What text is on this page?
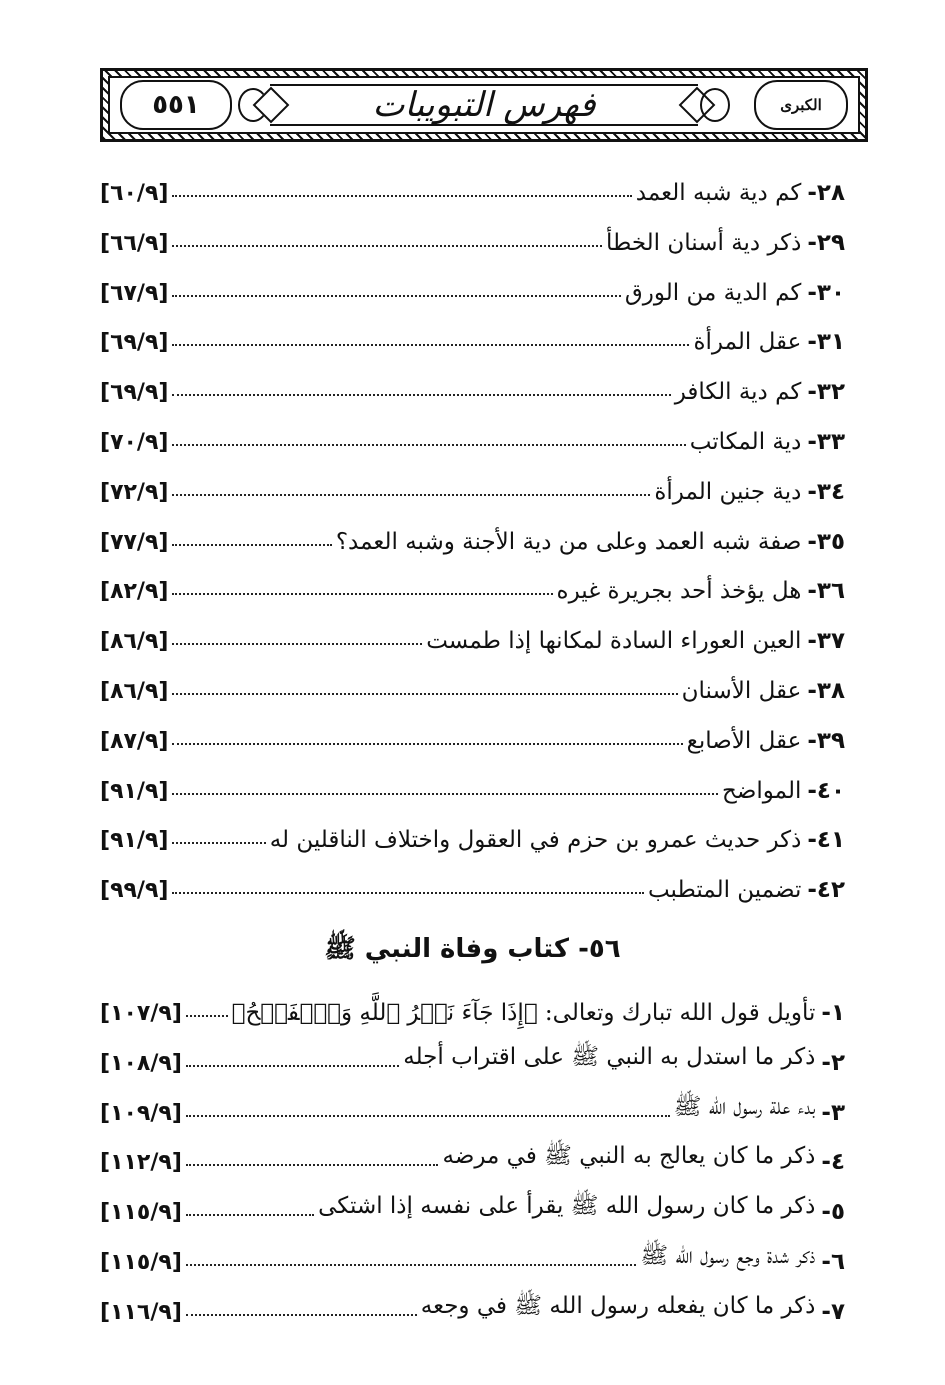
٥٥١	فهرس التبويبات	الكبرى
٢٨-
كم دية شبه العمد
[٦٠/٩]
٢٩-
ذكر دية أسنان الخطأ
[٦٦/٩]
٣٠-
كم الدية من الورق
[٦٧/٩]
٣١-
عقل المرأة
[٦٩/٩]
٣٢-
كم دية الكافر
[٦٩/٩]
٣٣-
دية المكاتب
[٧٠/٩]
٣٤-
دية جنين المرأة
[٧٢/٩]
٣٥-
صفة شبه العمد وعلى من دية الأجنة وشبه العمد؟
[٧٧/٩]
٣٦-
هل يؤخذ أحد بجريرة غيره
[٨٢/٩]
٣٧-
العين العوراء السادة لمكانها إذا طمست
[٨٦/٩]
٣٨-
عقل الأسنان
[٨٦/٩]
٣٩-
عقل الأصابع
[٨٧/٩]
٤٠-
المواضح
[٩١/٩]
٤١-
ذكر حديث عمرو بن حزم في العقول واختلاف الناقلين له
[٩١/٩]
٤٢-
تضمين المتطبب
[٩٩/٩]
٥٦- كتاب وفاة النبي ﷺ
١-
تأويل قول الله تبارك وتعالى: ﴿إِذَا جَآءَ نَصۡرُ ٱللَّهِ وَٱلۡفَتۡحُ﴾
[١٠٧/٩]
٢-
ذكر ما استدل به النبي ﷺ على اقتراب أجله
[١٠٨/٩]
٣-
بدء علة رسول الله ﷺ
[١٠٩/٩]
٤-
ذكر ما كان يعالج به النبي ﷺ في مرضه
[١١٢/٩]
٥-
ذكر ما كان رسول الله ﷺ يقرأ على نفسه إذا اشتكى
[١١٥/٩]
٦-
ذكر شدة وجع رسول الله ﷺ
[١١٥/٩]
٧-
ذكر ما كان يفعله رسول الله ﷺ في وجعه
[١١٦/٩]
